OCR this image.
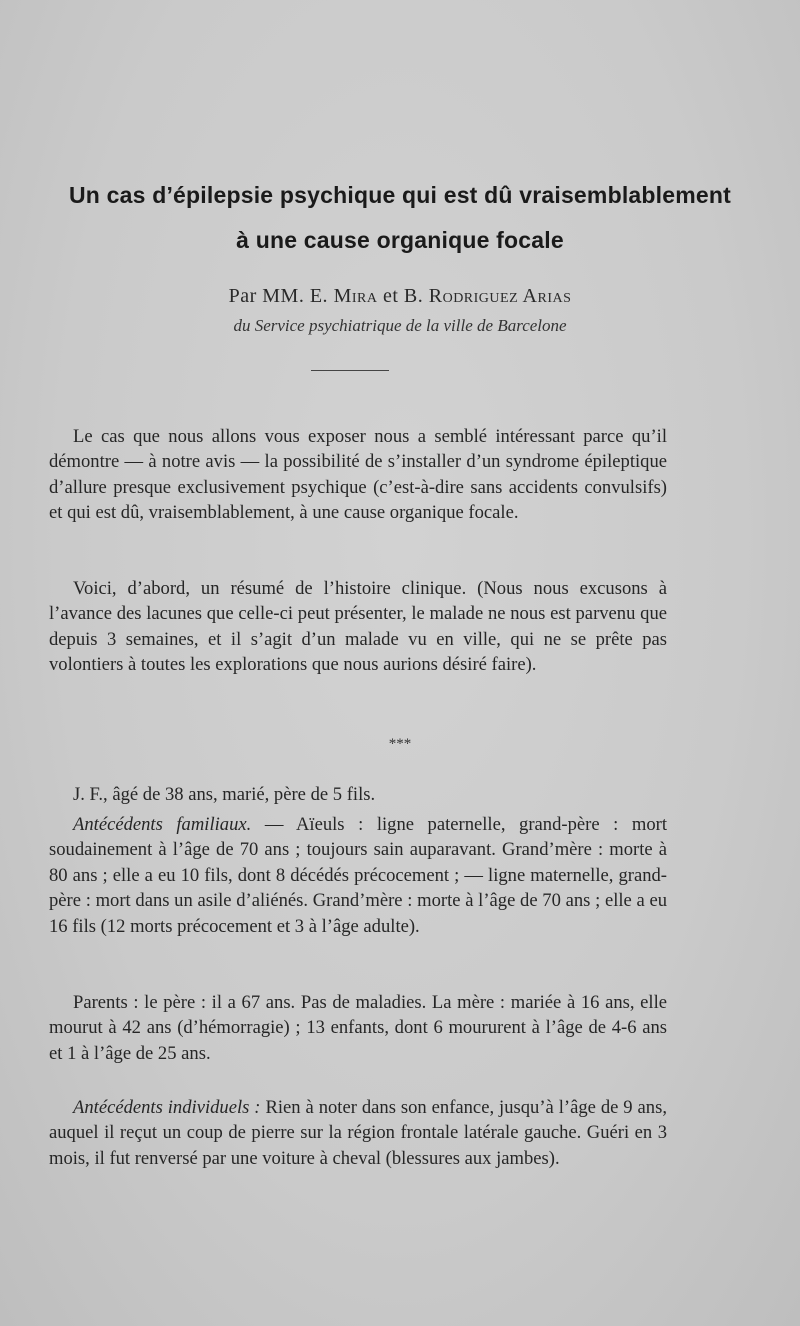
Un cas d’épilepsie psychique qui est dû vraisemblablement
à une cause organique focale
Par MM. E. Mira et B. Rodriguez Arias
du Service psychiatrique de la ville de Barcelone

Le cas que nous allons vous exposer nous a semblé intéressant parce qu’il démontre — à notre avis — la possibilité de s’installer d’un syndrome épileptique d’allure presque exclusivement psychique (c’est-à-dire sans accidents convulsifs) et qui est dû, vraisemblablement, à une cause organique focale.

Voici, d’abord, un résumé de l’histoire clinique. (Nous nous excusons à l’avance des lacunes que celle-ci peut présenter, le malade ne nous est parvenu que depuis 3 semaines, et il s’agit d’un malade vu en ville, qui ne se prête pas volontiers à toutes les explorations que nous aurions désiré faire).

***

J. F., âgé de 38 ans, marié, père de 5 fils.

Antécédents familiaux. — Aïeuls : ligne paternelle, grand-père : mort soudainement à l’âge de 70 ans ; toujours sain auparavant. Grand’mère : morte à 80 ans ; elle a eu 10 fils, dont 8 décédés précocement ; — ligne maternelle, grand-père : mort dans un asile d’aliénés. Grand’mère : morte à l’âge de 70 ans ; elle a eu 16 fils (12 morts précocement et 3 à l’âge adulte).

Parents : le père : il a 67 ans. Pas de maladies. La mère : mariée à 16 ans, elle mourut à 42 ans (d’hémorragie) ; 13 enfants, dont 6 moururent à l’âge de 4-6 ans et 1 à l’âge de 25 ans.

Antécédents individuels : Rien à noter dans son enfance, jusqu’à l’âge de 9 ans, auquel il reçut un coup de pierre sur la région frontale latérale gauche. Guéri en 3 mois, il fut renversé par une voiture à cheval (blessures aux jambes).
